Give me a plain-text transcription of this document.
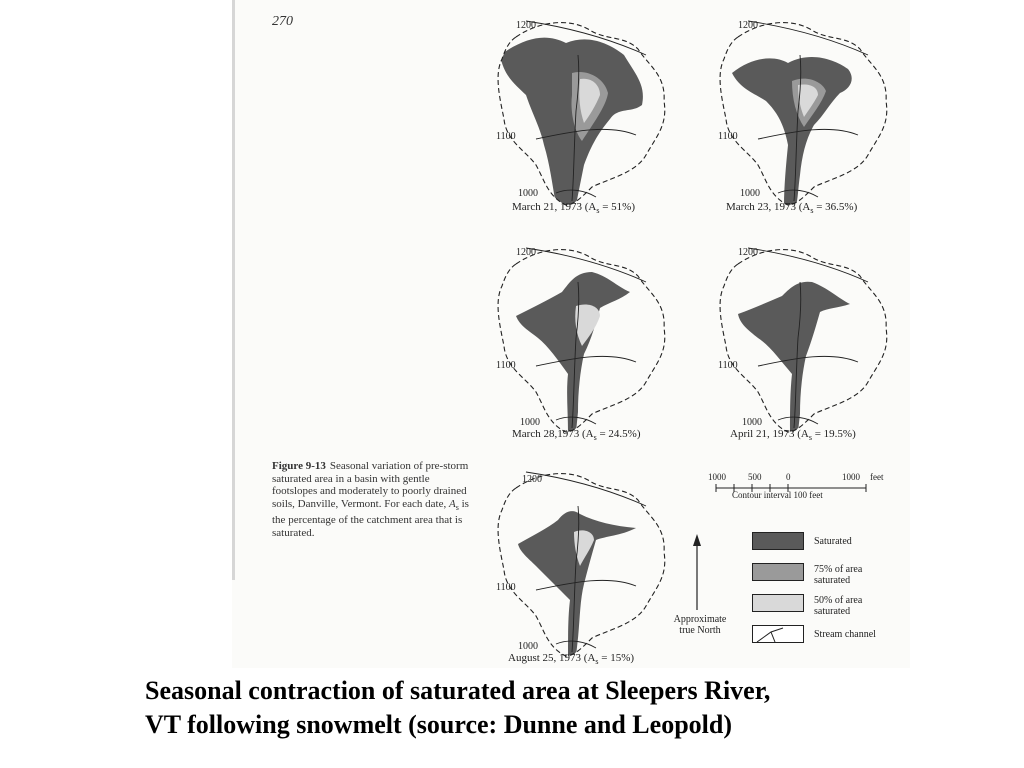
270	1200
1100
1000
1200
1100
1000
1200
1100
1000
1200
1100
1000
1200
1100
1000
March 21, 1973 $(A_s = 51\%)$	March 23, 1973 $(A_s = 36.5\%)$
March 28,1973 $(A_s = 24.5\%)$	April 21, 1973 $(A_s = 19.5\%)$
August 25, 1973 $(A_s = 15\%)$
Figure 9-13 Seasonal variation of pre-storm saturated area in a basin with gentle footslopes and moderately to poorly drained soils, Danville, Vermont. For each date, $A_s$ is the percentage of the catchment area that is saturated.
1000 500	0	1000 feet
Contour interval 100 feet
Approximate
true North
Saturated
75% of area
saturated
50% of area
saturated
Stream channel
Seasonal contraction of saturated area at Sleepers River,
VT following snowmelt (source: Dunne and Leopold)
